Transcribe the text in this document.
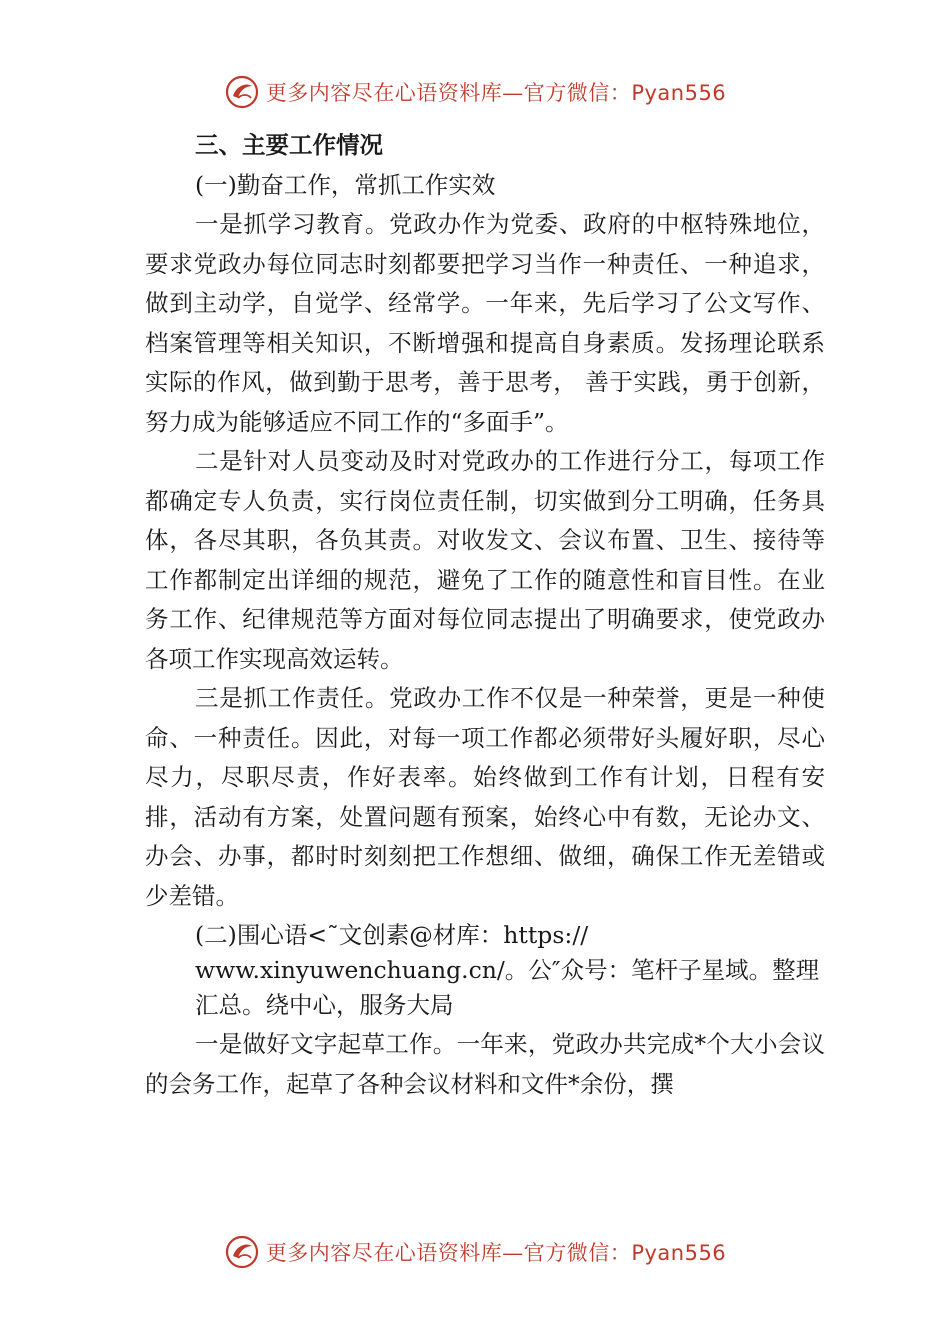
更多内容尽在心语资料库—官方微信：Pyan556

三、主要工作情况

(一)勤奋工作，常抓工作实效

一是抓学习教育。党政办作为党委、政府的中枢特殊地位，要求党政办每位同志时刻都要把学习当作一种责任、一种追求，做到主动学，自觉学、经常学。一年来，先后学习了公文写作、档案管理等相关知识，不断增强和提高自身素质。发扬理论联系实际的作风，做到勤于思考，善于思考， 善于实践，勇于创新，努力成为能够适应不同工作的“多面手”。

二是针对人员变动及时对党政办的工作进行分工，每项工作都确定专人负责，实行岗位责任制，切实做到分工明确，任务具体，各尽其职，各负其责。对收发文、会议布置、卫生、接待等工作都制定出详细的规范，避免了工作的随意性和盲目性。在业务工作、纪律规范等方面对每位同志提出了明确要求，使党政办各项工作实现高效运转。

三是抓工作责任。党政办工作不仅是一种荣誉，更是一种使命、一种责任。因此，对每一项工作都必须带好头履好职，尽心尽力，尽职尽责，作好表率。始终做到工作有计划，日程有安排，活动有方案，处置问题有预案，始终心中有数，无论办文、办会、办事，都时时刻刻把工作想细、做细，确保工作无差错或少差错。

(二)围心语<˜文创素@材库：https://
www.xinyuwenchuang.cn/。公″众号：笔杆子星域。整理
汇总。绕中心，服务大局

一是做好文字起草工作。一年来，党政办共完成*个大小会议的会务工作，起草了各种会议材料和文件*余份，撰

更多内容尽在心语资料库—官方微信：Pyan556
